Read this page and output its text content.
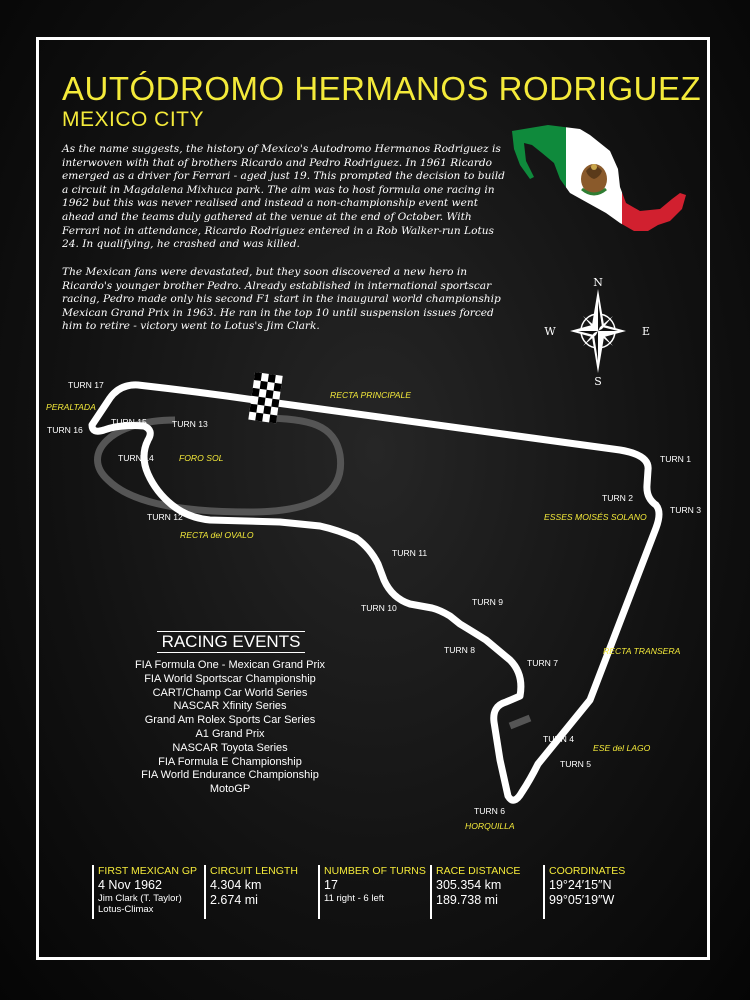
AUTÓDROMO HERMANOS RODRIGUEZ
MEXICO CITY
As the name suggests, the history of Mexico's Autodromo Hermanos Rodriguez is interwoven with that of brothers Ricardo and Pedro Rodriguez. In 1961 Ricardo emerged as a driver for Ferrari - aged just 19. This prompted the decision to build a circuit in Magdalena Mixhuca park. The aim was to host formula one racing in 1962 but this was never realised and instead a non-championship event went ahead and the teams duly gathered at the venue at the end of October. With Ferrari not in attendance, Ricardo Rodriguez entered in a Rob Walker-run Lotus 24. In qualifying, he crashed and was killed.
The Mexican fans were devastated, but they soon discovered a new hero in Ricardo's younger brother Pedro. Already established in international sportscar racing, Pedro made only his second F1 start in the inaugural world championship Mexican Grand Prix in 1963. He ran in the top 10 until suspension issues forced him to retire - victory went to Lotus's Jim Clark.
N
S
W	E
TURN 1
TURN 2
TURN 3
TURN 4
TURN 5
TURN 6
TURN 7
TURN 8
TURN 9
TURN 10
TURN 11
TURN 12
TURN 13
TURN 14
TURN 15
TURN 16
TURN 17
RECTA PRINCIPALE
PERALTADA
FORO SOL
RECTA del OVALO
ESSES MOISÉS SOLANO
RECTA TRANSERA
ESE del LAGO
HORQUILLA
RACING EVENTS
FIA Formula One - Mexican Grand Prix
FIA World Sportscar Championship
CART/Champ Car World Series
NASCAR Xfinity Series
Grand Am Rolex Sports Car Series
A1 Grand Prix
NASCAR Toyota Series
FIA Formula E Championship
FIA World Endurance Championship
MotoGP
FIRST MEXICAN GP
4 Nov 1962
Jim Clark (T. Taylor)
Lotus-Climax
CIRCUIT LENGTH
4.304 km
2.674 mi
NUMBER OF TURNS
17
11 right - 6 left
RACE DISTANCE
305.354 km
189.738 mi
COORDINATES
19°24′15″N
99°05′19″W
